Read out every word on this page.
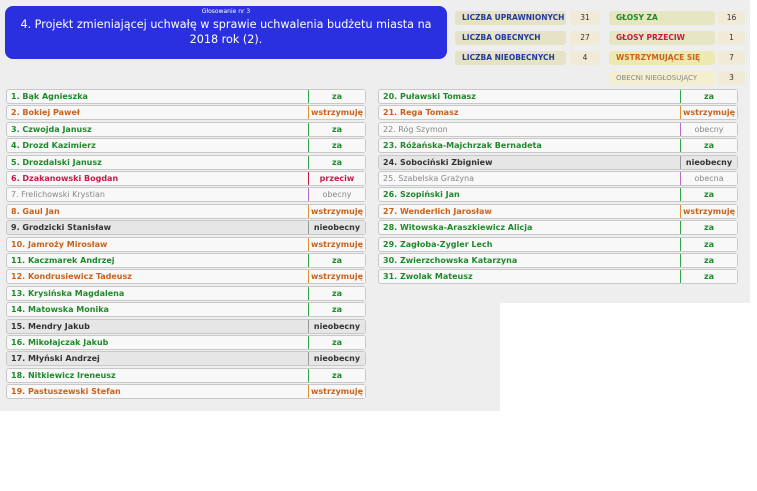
Głosowanie nr 3
4. Projekt zmieniającej uchwałę w sprawie uchwalenia budżetu miasta na 2018 rok (2).
LICZBA UPRAWNIONYCH	31
LICZBA OBECNYCH	27
LICZBA NIEOBECNYCH	4
GŁOSY ZA	16
GŁOSY PRZECIW	1
WSTRZYMUJĄCE SIĘ	7
OBECNI NIEGŁOSUJĄCY	3
1. Bąk Agnieszka	za
2. Bokiej Paweł	wstrzymuję
3. Czwojda Janusz	za
4. Drozd Kazimierz	za
5. Drozdalski Janusz	za
6. Dzakanowski Bogdan	przeciw
7. Frelichowski Krystian	obecny
8. Gaul Jan	wstrzymuję
9. Grodzicki Stanisław	nieobecny
10. Jamroży Mirosław	wstrzymuję
11. Kaczmarek Andrzej	za
12. Kondrusiewicz Tadeusz	wstrzymuję
13. Krysińska Magdalena	za
14. Matowska Monika	za
15. Mendry Jakub	nieobecny
16. Mikołajczak Jakub	za
17. Młyński Andrzej	nieobecny
18. Nitkiewicz Ireneusz	za
19. Pastuszewski Stefan	wstrzymuję
20. Puławski Tomasz	za
21. Rega Tomasz	wstrzymuję
22. Róg Szymon	obecny
23. Różańska-Majchrzak Bernadeta	za
24. Sobociński Zbigniew	nieobecny
25. Szabelska Grażyna	obecna
26. Szopiński Jan	za
27. Wenderlich Jarosław	wstrzymuję
28. Witowska-Araszkiewicz Alicja	za
29. Zagłoba-Zygler Lech	za
30. Zwierzchowska Katarzyna	za
31. Zwolak Mateusz	za
